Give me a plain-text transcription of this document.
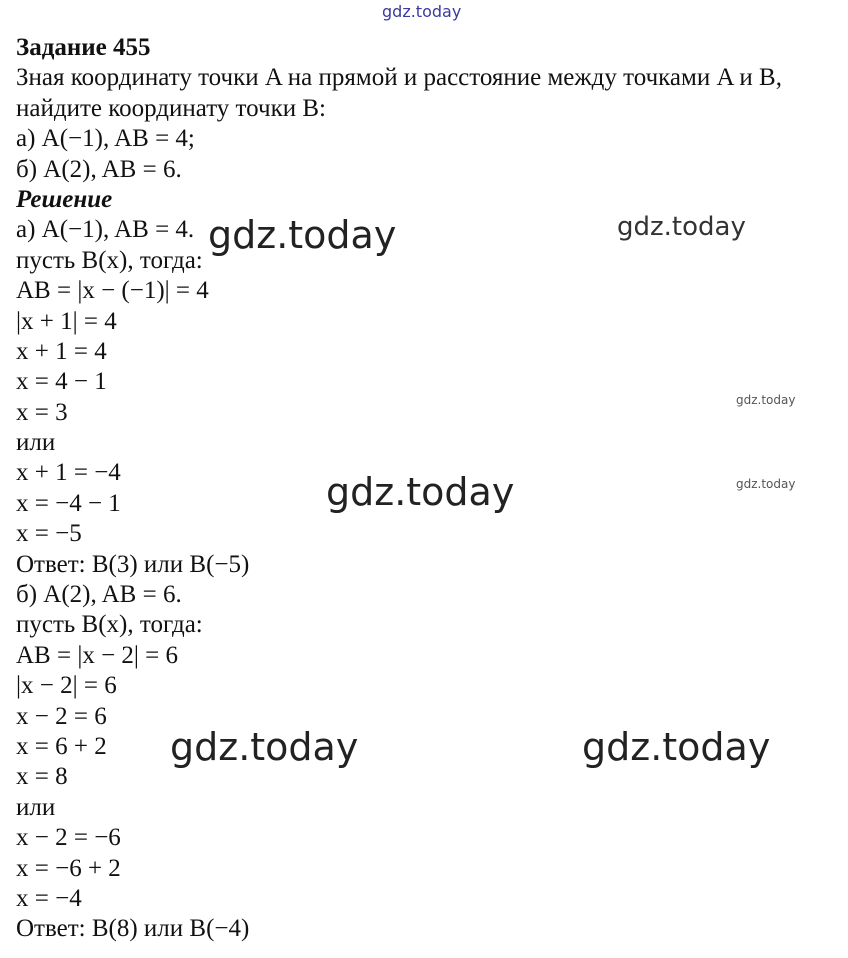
gdz.today
gdz.today	gdz.today
gdz.today
gdz.today
gdz.today
gdz.today	gdz.today
Задание 455
Зная координату точки A на прямой и расстояние между точками A и B,
найдите координату точки B:
а) A(−1), AB = 4;
б) A(2), AB = 6.
Решение
а) A(−1), AB = 4.
пусть B(x), тогда:
AB = |x − (−1)| = 4
|x + 1| = 4
x + 1 = 4
x = 4 − 1
x = 3
или
x + 1 = −4
x = −4 − 1
x = −5
Ответ: B(3) или B(−5)
б) A(2), AB = 6.
пусть B(x), тогда:
AB = |x − 2| = 6
|x − 2| = 6
x − 2 = 6
x = 6 + 2
x = 8
или
x − 2 = −6
x = −6 + 2
x = −4
Ответ: B(8) или B(−4)
